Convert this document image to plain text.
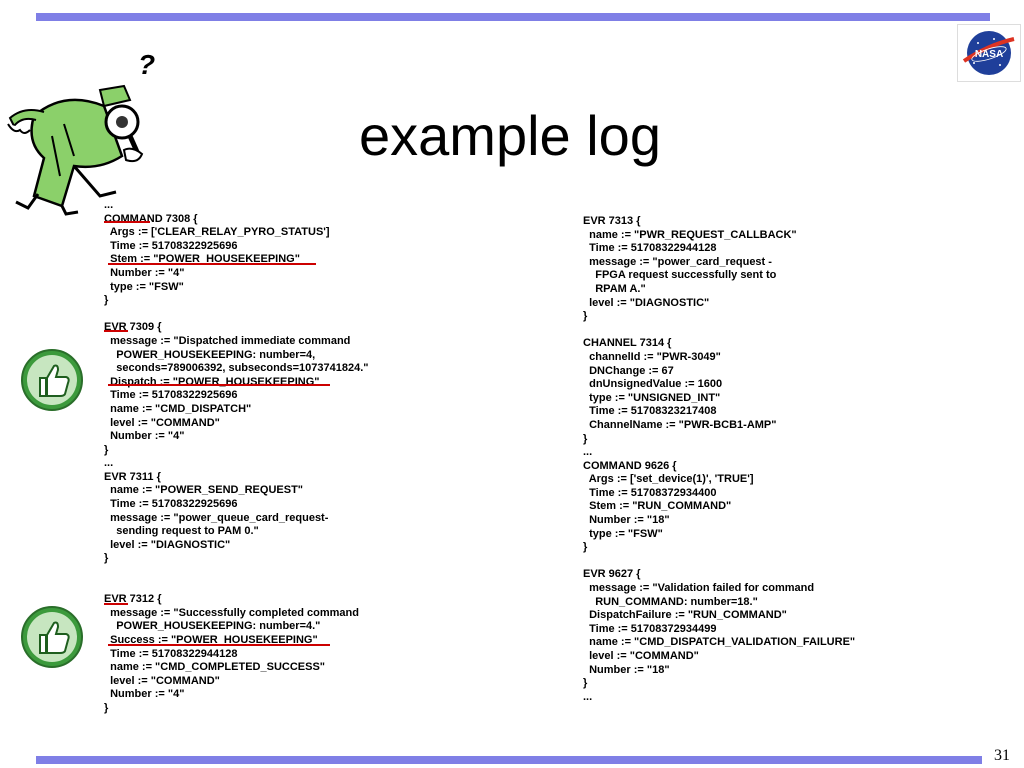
NASA
?
example log
...
COMMAND 7308 {
Args := ['CLEAR_RELAY_PYRO_STATUS']
Time := 51708322925696
Stem := "POWER_HOUSEKEEPING"
Number := "4"
type := "FSW"
}

EVR 7309 {
message := "Dispatched immediate command
POWER_HOUSEKEEPING: number=4,
seconds=789006392, subseconds=1073741824."
Dispatch := "POWER_HOUSEKEEPING"
Time := 51708322925696
name := "CMD_DISPATCH"
level := "COMMAND"
Number := "4"
}
...
EVR 7311 {
name := "POWER_SEND_REQUEST"
Time := 51708322925696
message := "power_queue_card_request-
sending request to PAM 0."
level := "DIAGNOSTIC"
}

EVR 7312 {
message := "Successfully completed command
POWER_HOUSEKEEPING: number=4."
Success := "POWER_HOUSEKEEPING"
Time := 51708322944128
name := "CMD_COMPLETED_SUCCESS"
level := "COMMAND"
Number := "4"
}
EVR 7313 {
name := "PWR_REQUEST_CALLBACK"
Time := 51708322944128
message := "power_card_request -
FPGA request successfully sent to
RPAM A."
level := "DIAGNOSTIC"
}

CHANNEL 7314 {
channelId := "PWR-3049"
DNChange := 67
dnUnsignedValue := 1600
type := "UNSIGNED_INT"
Time := 51708323217408
ChannelName := "PWR-BCB1-AMP"
}
...
COMMAND 9626 {
Args := ['set_device(1)', 'TRUE']
Time := 51708372934400
Stem := "RUN_COMMAND"
Number := "18"
type := "FSW"
}

EVR 9627 {
message := "Validation failed for command
RUN_COMMAND: number=18."
DispatchFailure := "RUN_COMMAND"
Time := 51708372934499
name := "CMD_DISPATCH_VALIDATION_FAILURE"
level := "COMMAND"
Number := "18"
}
...
31
